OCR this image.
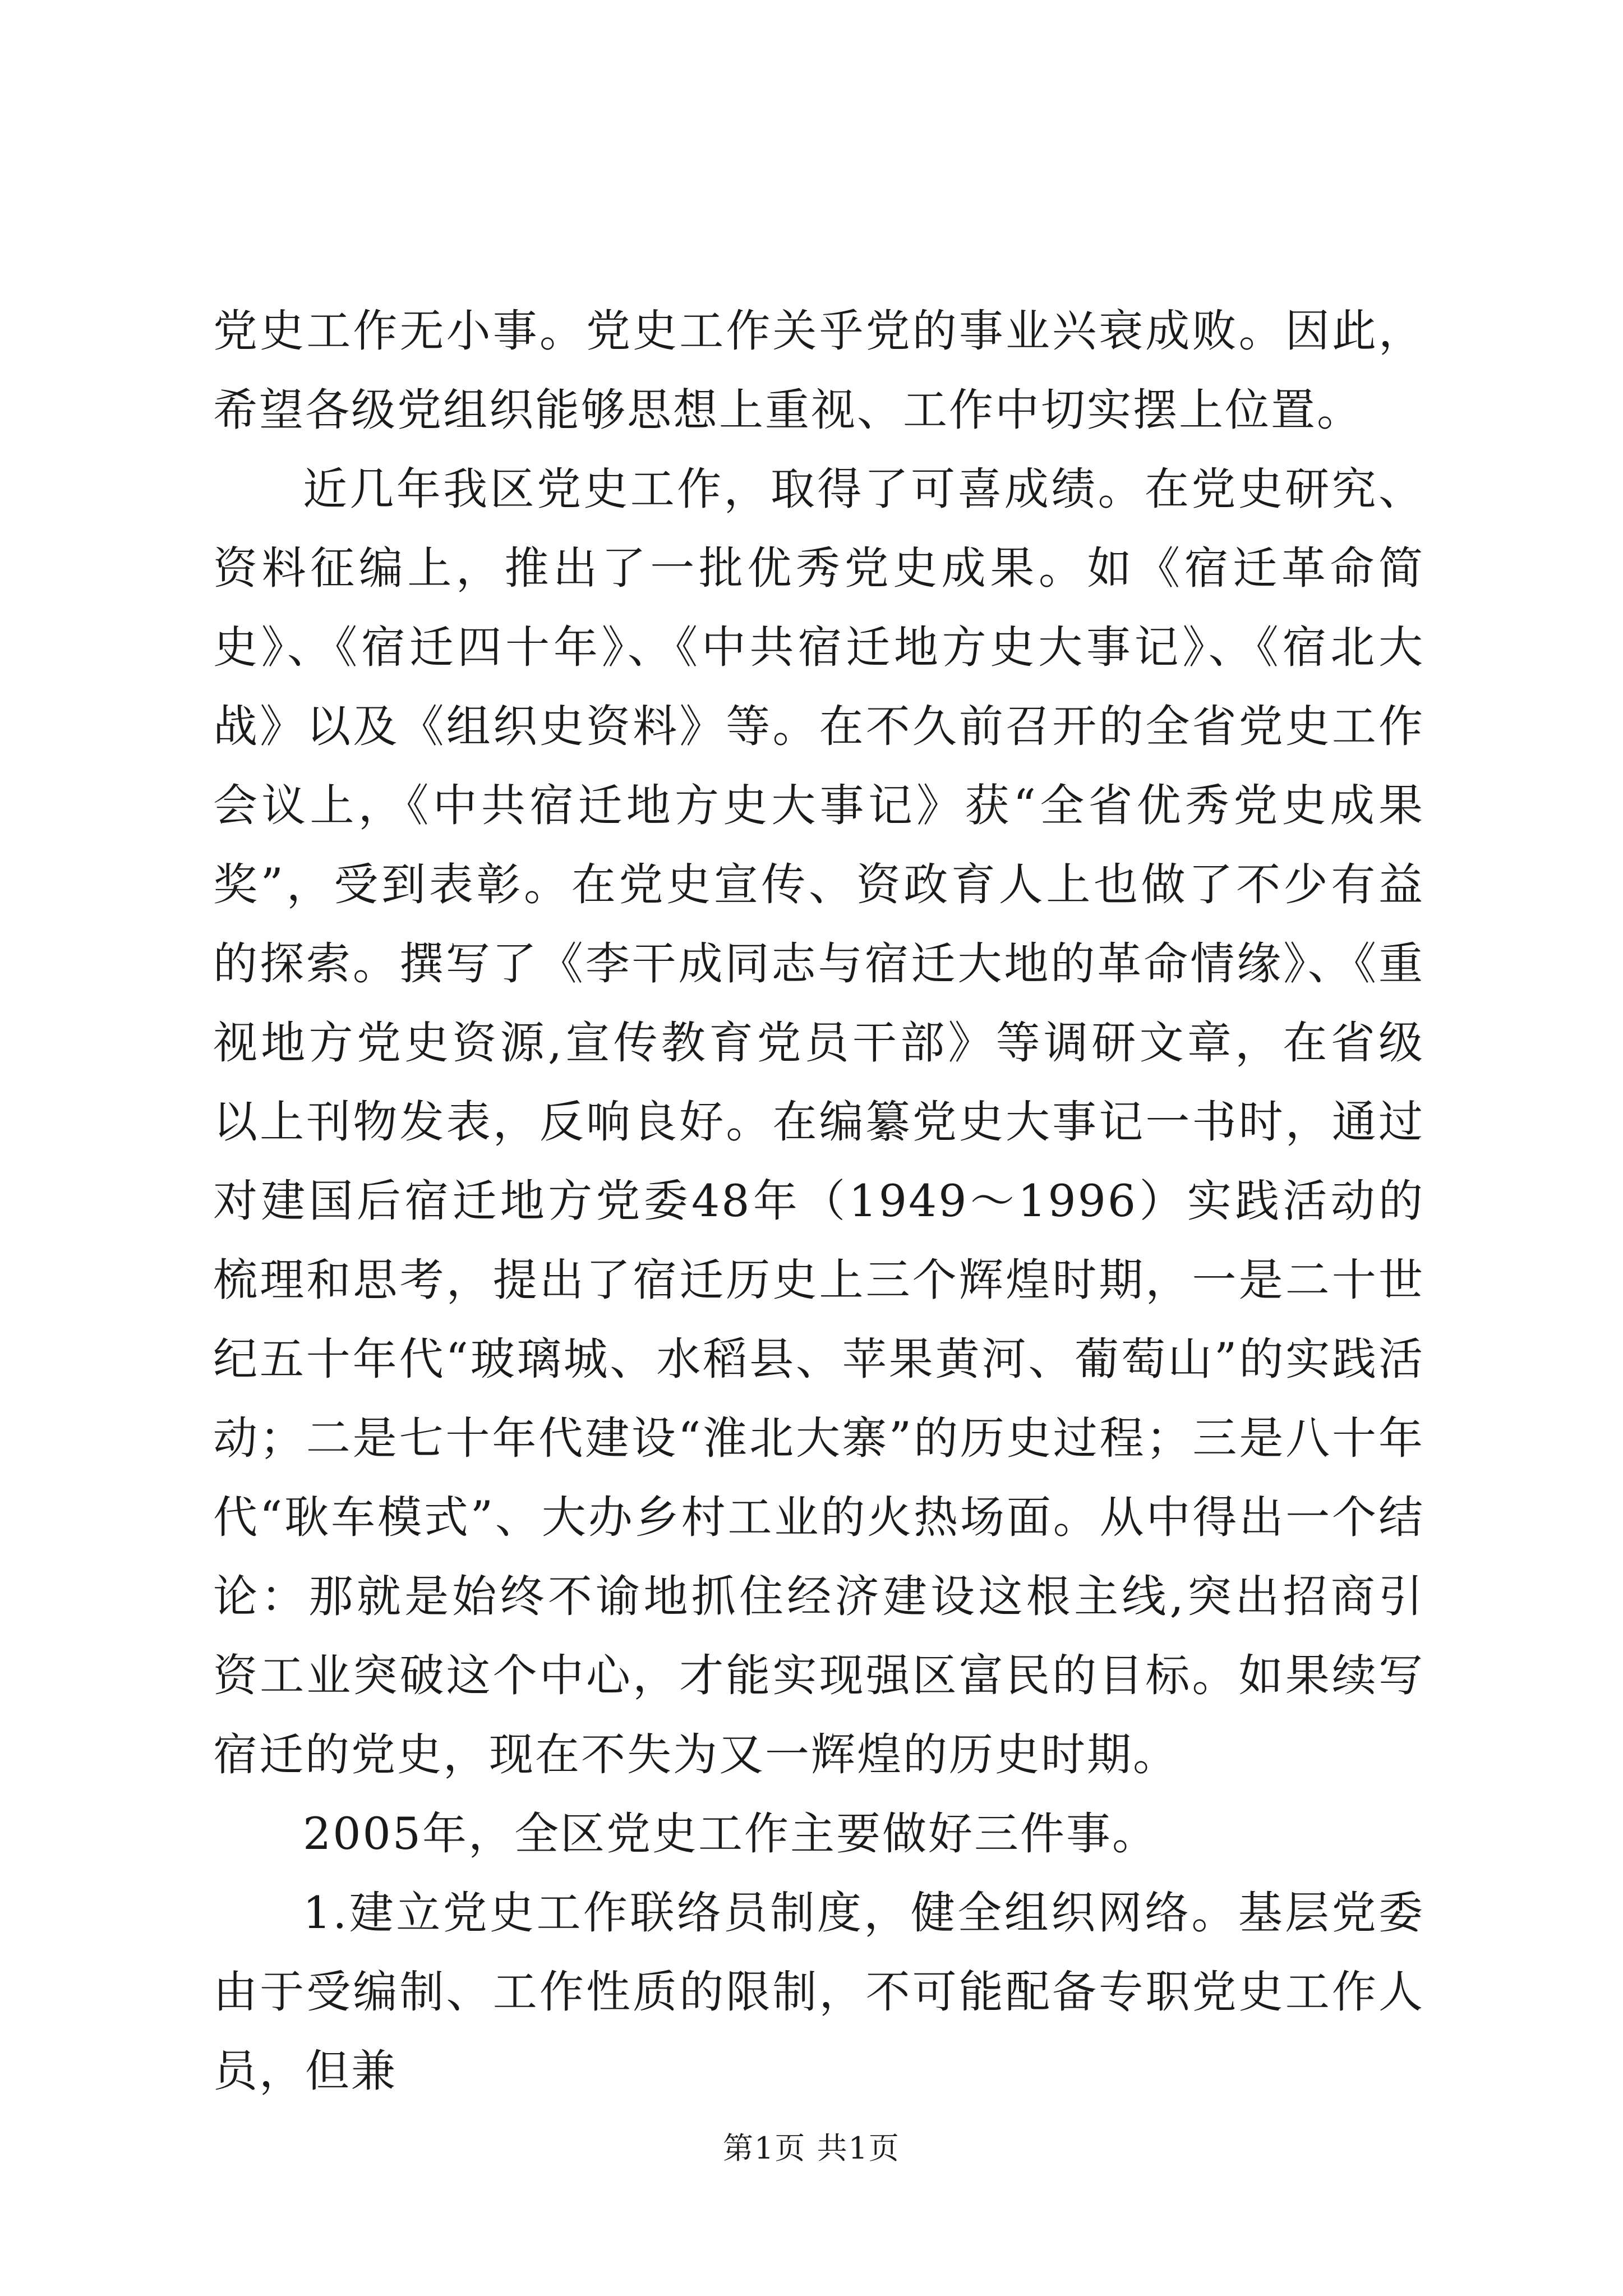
党史工作无小事。党史工作关乎党的事业兴衰成败。因此，希望各级党组织能够思想上重视、工作中切实摆上位置。

近几年我区党史工作，取得了可喜成绩。在党史研究、资料征编上，推出了一批优秀党史成果。如《宿迁革命简史》、《宿迁四十年》、《中共宿迁地方史大事记》、《宿北大战》以及《组织史资料》等。在不久前召开的全省党史工作会议上，《中共宿迁地方史大事记》获“全省优秀党史成果奖”，受到表彰。在党史宣传、资政育人上也做了不少有益的探索。撰写了《李干成同志与宿迁大地的革命情缘》、《重视地方党史资源,宣传教育党员干部》等调研文章，在省级以上刊物发表，反响良好。在编纂党史大事记一书时，通过对建国后宿迁地方党委48年（1949～1996）实践活动的梳理和思考，提出了宿迁历史上三个辉煌时期，一是二十世纪五十年代“玻璃城、水稻县、苹果黄河、葡萄山”的实践活动；二是七十年代建设“淮北大寨”的历史过程；三是八十年代“耿车模式”、大办乡村工业的火热场面。从中得出一个结论：那就是始终不谕地抓住经济建设这根主线,突出招商引资工业突破这个中心，才能实现强区富民的目标。如果续写宿迁的党史，现在不失为又一辉煌的历史时期。

2005年，全区党史工作主要做好三件事。

1.建立党史工作联络员制度，健全组织网络。基层党委由于受编制、工作性质的限制，不可能配备专职党史工作人员，但兼

第1页 共1页
